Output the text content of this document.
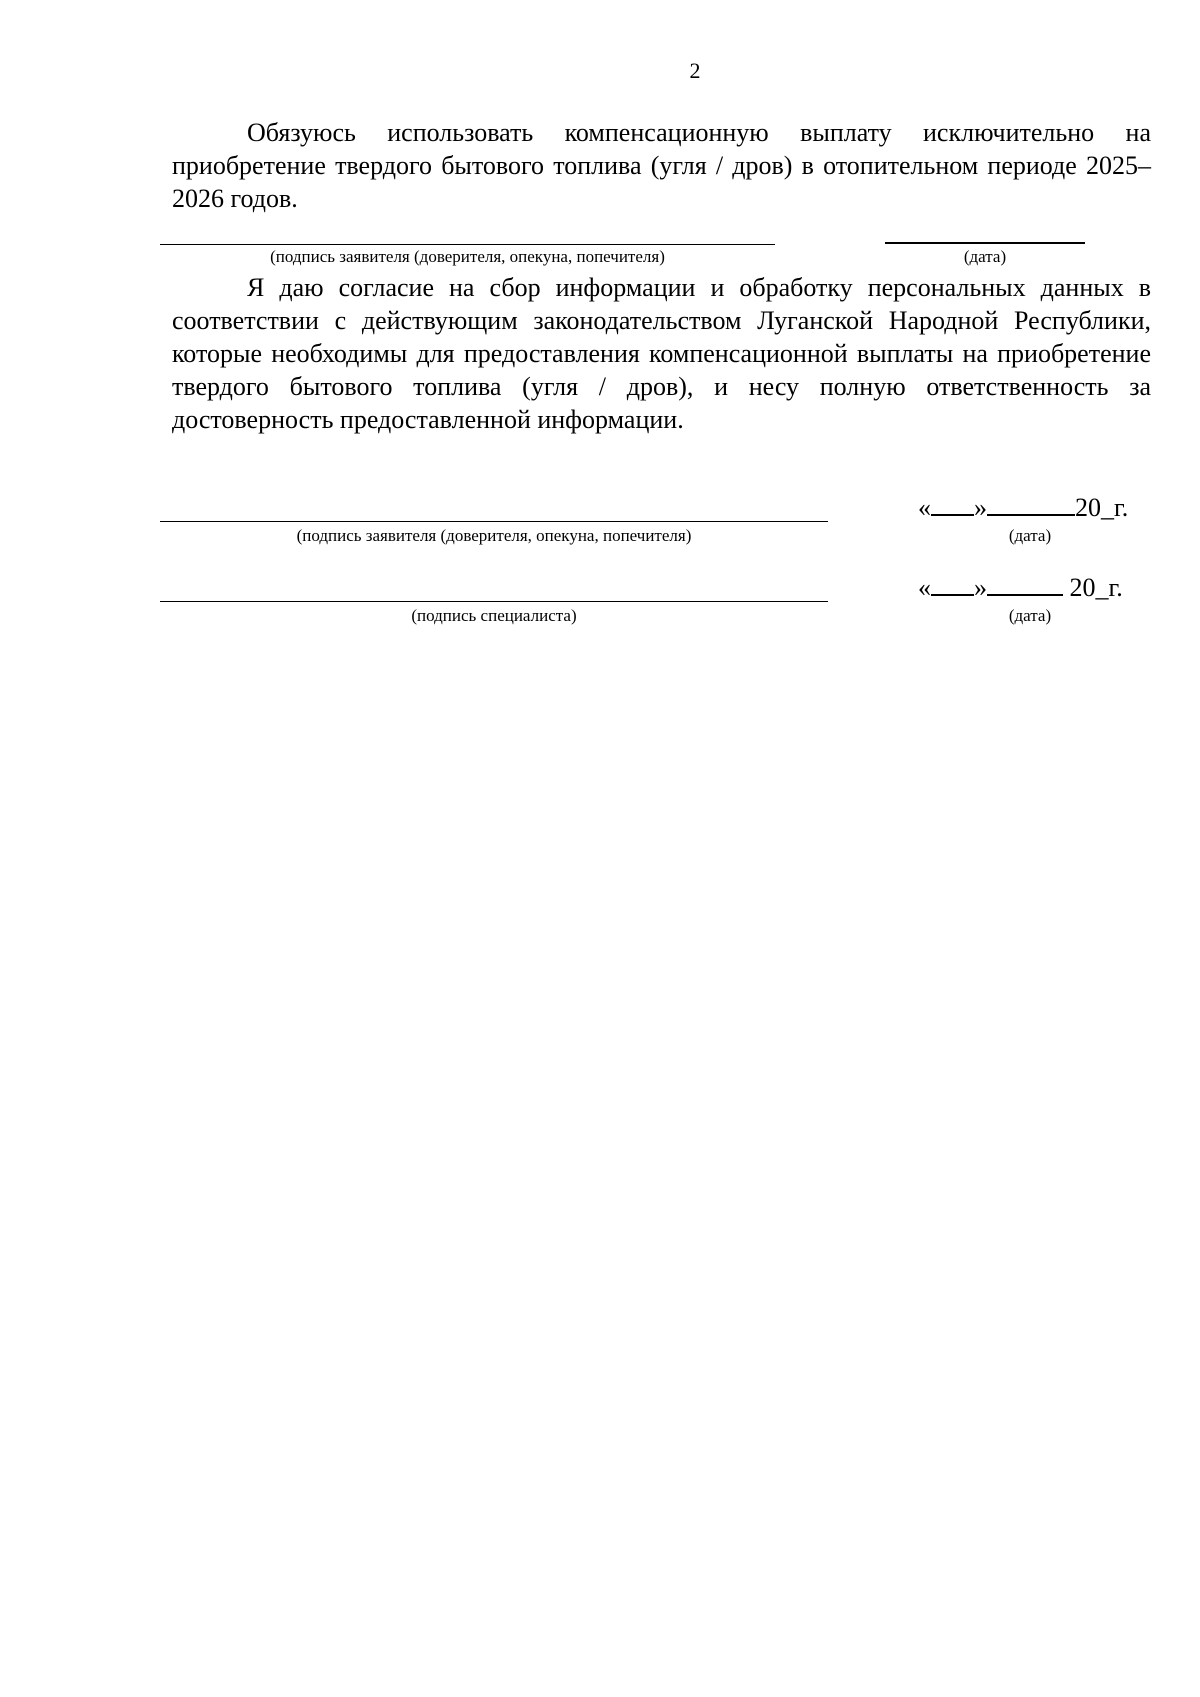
2

Обязуюсь использовать компенсационную выплату исключительно на приобретение твердого бытового топлива (угля / дров) в отопительном периоде 2025–2026 годов.

(подпись заявителя (доверителя, опекуна, попечителя)	(дата)

Я даю согласие на сбор информации и обработку персональных данных в соответствии с действующим законодательством Луганской Народной Республики, которые необходимы для предоставления компенсационной выплаты на приобретение твердого бытового топлива (угля / дров), и несу полную ответственность за достоверность предоставленной информации.

(подпись заявителя (доверителя, опекуна, попечителя)
« »	20_г.
(дата)
(подпись специалиста)
« »	20_г.
(дата)
